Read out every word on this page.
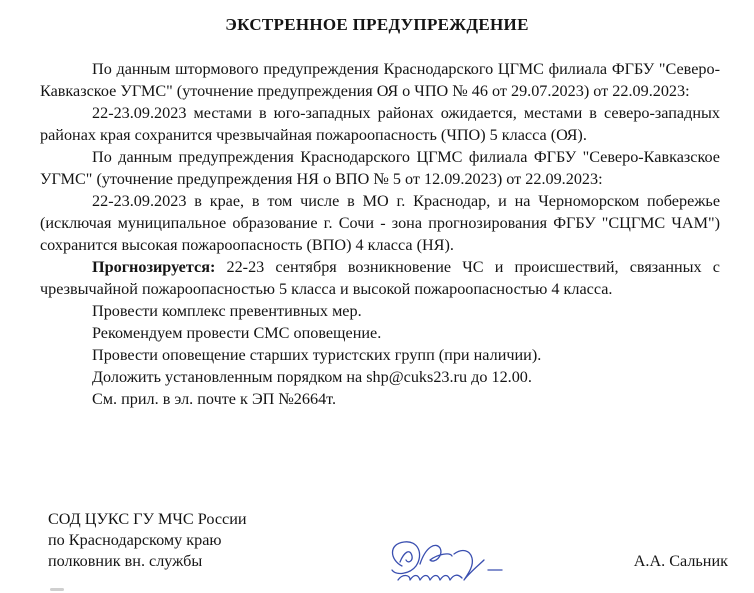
ЭКСТРЕННОЕ ПРЕДУПРЕЖДЕНИЕ

По данным штормового предупреждения Краснодарского ЦГМС филиала ФГБУ "Северо-Кавказское УГМС" (уточнение предупреждения ОЯ о ЧПО № 46 от 29.07.2023) от 22.09.2023:

22-23.09.2023 местами в юго-западных районах ожидается, местами в северо-западных районах края сохранится чрезвычайная пожароопасность (ЧПО) 5 класса (ОЯ).

По данным предупреждения Краснодарского ЦГМС филиала ФГБУ "Северо-Кавказское УГМС" (уточнение предупреждения НЯ о ВПО № 5 от 12.09.2023) от 22.09.2023:

22-23.09.2023 в крае, в том числе в МО г. Краснодар, и на Черноморском побережье (исключая муниципальное образование г. Сочи - зона прогнозирования ФГБУ "СЦГМС ЧАМ") сохранится высокая пожароопасность (ВПО) 4 класса (НЯ).

Прогнозируется: 22-23 сентября возникновение ЧС и происшествий, связанных с чрезвычайной пожароопасностью 5 класса и высокой пожароопасностью 4 класса.

Провести комплекс превентивных мер.
Рекомендуем провести СМС оповещение.
Провести оповещение старших туристских групп (при наличии).
Доложить установленным порядком на shp@cuks23.ru до 12.00.
См. прил. в эл. почте к ЭП №2664т.
СОД ЦУКС ГУ МЧС России
по Краснодарскому краю
полковник вн. службы	А.А. Сальник
